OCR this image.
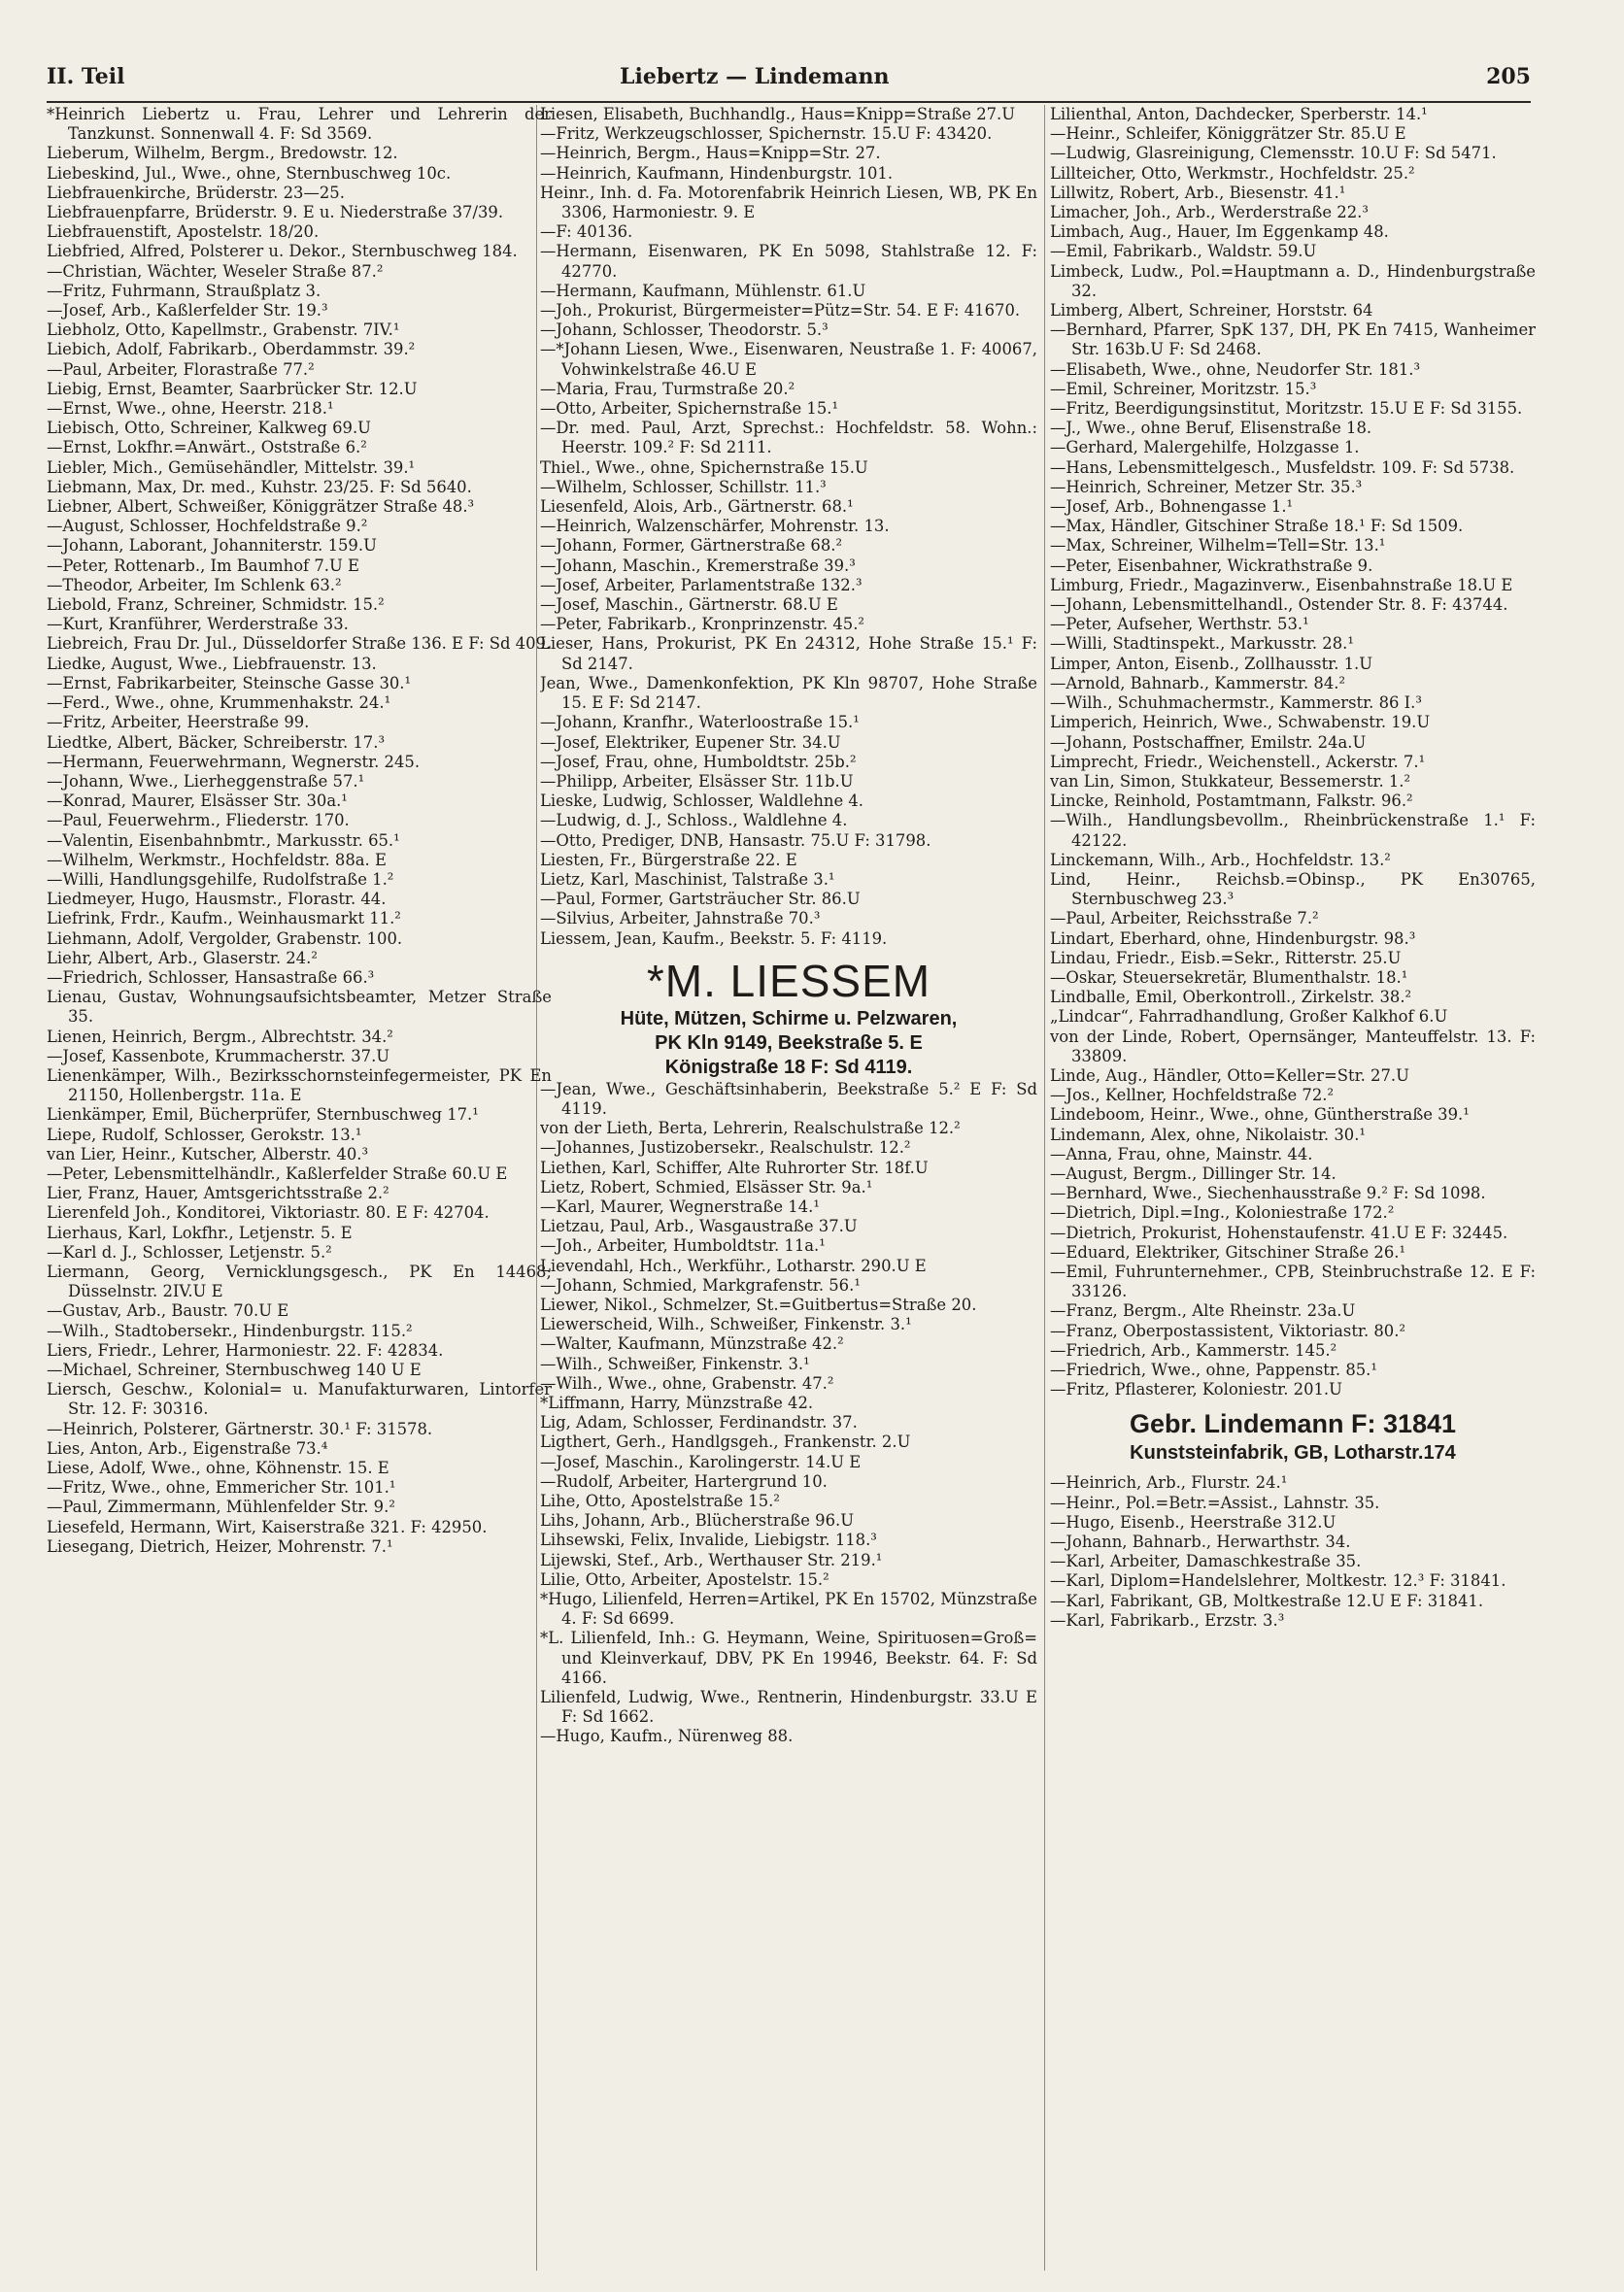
II. Teil	Liebertz — Lindemann	205

*Heinrich Liebertz u. Frau, Lehrer und Lehrerin der Tanzkunst. Sonnenwall 4. F: Sd 3569.

Lieberum, Wilhelm, Bergm., Bredowstr. 12.

Liebeskind, Jul., Wwe., ohne, Sternbuschweg 10c.

Liebfrauenkirche, Brüderstr. 23—25.

Liebfrauenpfarre, Brüderstr. 9. E u. Niederstraße 37/39.

Liebfrauenstift, Apostelstr. 18/20.

Liebfried, Alfred, Polsterer u. Dekor., Sternbuschweg 184.

—Christian, Wächter, Weseler Straße 87.²

—Fritz, Fuhrmann, Straußplatz 3.

—Josef, Arb., Kaßlerfelder Str. 19.³

Liebholz, Otto, Kapellmstr., Grabenstr. 7IV.¹

Liebich, Adolf, Fabrikarb., Oberdammstr. 39.²

—Paul, Arbeiter, Florastraße 77.²

Liebig, Ernst, Beamter, Saarbrücker Str. 12.U

—Ernst, Wwe., ohne, Heerstr. 218.¹

Liebisch, Otto, Schreiner, Kalkweg 69.U

—Ernst, Lokfhr.=Anwärt., Oststraße 6.²

Liebler, Mich., Gemüsehändler, Mittelstr. 39.¹

Liebmann, Max, Dr. med., Kuhstr. 23/25. F: Sd 5640.

Liebner, Albert, Schweißer, Königgrätzer Straße 48.³

—August, Schlosser, Hochfeldstraße 9.²

—Johann, Laborant, Johanniterstr. 159.U

—Peter, Rottenarb., Im Baumhof 7.U E

—Theodor, Arbeiter, Im Schlenk 63.²

Liebold, Franz, Schreiner, Schmidstr. 15.²

—Kurt, Kranführer, Werderstraße 33.

Liebreich, Frau Dr. Jul., Düsseldorfer Straße 136. E F: Sd 409.

Liedke, August, Wwe., Liebfrauenstr. 13.

—Ernst, Fabrikarbeiter, Steinsche Gasse 30.¹

—Ferd., Wwe., ohne, Krummenhakstr. 24.¹

—Fritz, Arbeiter, Heerstraße 99.

Liedtke, Albert, Bäcker, Schreiberstr. 17.³

—Hermann, Feuerwehrmann, Wegnerstr. 245.

—Johann, Wwe., Lierheggenstraße 57.¹

—Konrad, Maurer, Elsässer Str. 30a.¹

—Paul, Feuerwehrm., Fliederstr. 170.

—Valentin, Eisenbahnbmtr., Markusstr. 65.¹

—Wilhelm, Werkmstr., Hochfeldstr. 88a. E

—Willi, Handlungsgehilfe, Rudolfstraße 1.²

Liedmeyer, Hugo, Hausmstr., Florastr. 44.

Liefrink, Frdr., Kaufm., Weinhausmarkt 11.²

Liehmann, Adolf, Vergolder, Grabenstr. 100.

Liehr, Albert, Arb., Glaserstr. 24.²

—Friedrich, Schlosser, Hansastraße 66.³

Lienau, Gustav, Wohnungsaufsichtsbeamter, Metzer Straße 35.

Lienen, Heinrich, Bergm., Albrechtstr. 34.²

—Josef, Kassenbote, Krummacherstr. 37.U

Lienenkämper, Wilh., Bezirksschornsteinfegermeister, PK En 21150, Hollenbergstr. 11a. E

Lienkämper, Emil, Bücherprüfer, Sternbuschweg 17.¹

Liepe, Rudolf, Schlosser, Gerokstr. 13.¹

van Lier, Heinr., Kutscher, Alberstr. 40.³

—Peter, Lebensmittelhändlr., Kaßlerfelder Straße 60.U E

Lier, Franz, Hauer, Amtsgerichtsstraße 2.²

Lierenfeld Joh., Konditorei, Viktoriastr. 80. E F: 42704.

Lierhaus, Karl, Lokfhr., Letjenstr. 5. E

—Karl d. J., Schlosser, Letjenstr. 5.²

Liermann, Georg, Vernicklungsgesch., PK En 14468; Düsselnstr. 2IV.U E

—Gustav, Arb., Baustr. 70.U E

—Wilh., Stadtobersekr., Hindenburgstr. 115.²

Liers, Friedr., Lehrer, Harmoniestr. 22. F: 42834.

—Michael, Schreiner, Sternbuschweg 140 U E

Liersch, Geschw., Kolonial= u. Manufakturwaren, Lintorfer Str. 12. F: 30316.

—Heinrich, Polsterer, Gärtnerstr. 30.¹ F: 31578.

Lies, Anton, Arb., Eigenstraße 73.⁴

Liese, Adolf, Wwe., ohne, Köhnenstr. 15. E

—Fritz, Wwe., ohne, Emmericher Str. 101.¹

—Paul, Zimmermann, Mühlenfelder Str. 9.²

Liesefeld, Hermann, Wirt, Kaiserstraße 321. F: 42950.

Liesegang, Dietrich, Heizer, Mohrenstr. 7.¹

Liesen, Elisabeth, Buchhandlg., Haus=Knipp=Straße 27.U

—Fritz, Werkzeugschlosser, Spichernstr. 15.U F: 43420.

—Heinrich, Bergm., Haus=Knipp=Str. 27.

—Heinrich, Kaufmann, Hindenburgstr. 101.

Heinr., Inh. d. Fa. Motorenfabrik Heinrich Liesen, WB, PK En 3306, Harmoniestr. 9. E

—F: 40136.

—Hermann, Eisenwaren, PK En 5098, Stahlstraße 12. F: 42770.

—Hermann, Kaufmann, Mühlenstr. 61.U

—Joh., Prokurist, Bürgermeister=Pütz=Str. 54. E F: 41670.

—Johann, Schlosser, Theodorstr. 5.³

—*Johann Liesen, Wwe., Eisenwaren, Neustraße 1. F: 40067, Vohwinkelstraße 46.U E

—Maria, Frau, Turmstraße 20.²

—Otto, Arbeiter, Spichernstraße 15.¹

—Dr. med. Paul, Arzt, Sprechst.: Hochfeldstr. 58. Wohn.: Heerstr. 109.² F: Sd 2111.

Thiel., Wwe., ohne, Spichernstraße 15.U

—Wilhelm, Schlosser, Schillstr. 11.³

Liesenfeld, Alois, Arb., Gärtnerstr. 68.¹

—Heinrich, Walzenschärfer, Mohrenstr. 13.

—Johann, Former, Gärtnerstraße 68.²

—Johann, Maschin., Kremerstraße 39.³

—Josef, Arbeiter, Parlamentstraße 132.³

—Josef, Maschin., Gärtnerstr. 68.U E

—Peter, Fabrikarb., Kronprinzenstr. 45.²

Lieser, Hans, Prokurist, PK En 24312, Hohe Straße 15.¹ F: Sd 2147.

Jean, Wwe., Damenkonfektion, PK Kln 98707, Hohe Straße 15. E F: Sd 2147.

—Johann, Kranfhr., Waterloostraße 15.¹

—Josef, Elektriker, Eupener Str. 34.U

—Josef, Frau, ohne, Humboldtstr. 25b.²

—Philipp, Arbeiter, Elsässer Str. 11b.U

Lieske, Ludwig, Schlosser, Waldlehne 4.

—Ludwig, d. J., Schloss., Waldlehne 4.

—Otto, Prediger, DNB, Hansastr. 75.U F: 31798.

Liesten, Fr., Bürgerstraße 22. E

Lietz, Karl, Maschinist, Talstraße 3.¹

—Paul, Former, Gartsträucher Str. 86.U

—Silvius, Arbeiter, Jahnstraße 70.³

Liessem, Jean, Kaufm., Beekstr. 5. F: 4119.

*M. LIESSEM

Hüte, Mützen, Schirme u. Pelzwaren,

PK Kln 9149, Beekstraße 5. E

Königstraße 18 F: Sd 4119.

—Jean, Wwe., Geschäftsinhaberin, Beekstraße 5.² E F: Sd 4119.

von der Lieth, Berta, Lehrerin, Realschulstraße 12.²

—Johannes, Justizobersekr., Realschulstr. 12.²

Liethen, Karl, Schiffer, Alte Ruhrorter Str. 18f.U

Lietz, Robert, Schmied, Elsässer Str. 9a.¹

—Karl, Maurer, Wegnerstraße 14.¹

Lietzau, Paul, Arb., Wasgaustraße 37.U

—Joh., Arbeiter, Humboldtstr. 11a.¹

Lievendahl, Hch., Werkführ., Lotharstr. 290.U E

—Johann, Schmied, Markgrafenstr. 56.¹

Liewer, Nikol., Schmelzer, St.=Guitbertus=Straße 20.

Liewerscheid, Wilh., Schweißer, Finkenstr. 3.¹

—Walter, Kaufmann, Münzstraße 42.²

—Wilh., Schweißer, Finkenstr. 3.¹

—Wilh., Wwe., ohne, Grabenstr. 47.²

*Liffmann, Harry, Münzstraße 42.

Lig, Adam, Schlosser, Ferdinandstr. 37.

Ligthert, Gerh., Handlgsgeh., Frankenstr. 2.U

—Josef, Maschin., Karolingerstr. 14.U E

—Rudolf, Arbeiter, Hartergrund 10.

Lihe, Otto, Apostelstraße 15.²

Lihs, Johann, Arb., Blücherstraße 96.U

Lihsewski, Felix, Invalide, Liebigstr. 118.³

Lijewski, Stef., Arb., Werthauser Str. 219.¹

Lilie, Otto, Arbeiter, Apostelstr. 15.²

*Hugo, Lilienfeld, Herren=Artikel, PK En 15702, Münzstraße 4. F: Sd 6699.

*L. Lilienfeld, Inh.: G. Heymann, Weine, Spirituosen=Groß= und Kleinverkauf, DBV, PK En 19946, Beekstr. 64. F: Sd 4166.

Lilienfeld, Ludwig, Wwe., Rentnerin, Hindenburgstr. 33.U E F: Sd 1662.

—Hugo, Kaufm., Nürenweg 88.

Lilienthal, Anton, Dachdecker, Sperberstr. 14.¹

—Heinr., Schleifer, Königgrätzer Str. 85.U E

—Ludwig, Glasreinigung, Clemensstr. 10.U F: Sd 5471.

Lillteicher, Otto, Werkmstr., Hochfeldstr. 25.²

Lillwitz, Robert, Arb., Biesenstr. 41.¹

Limacher, Joh., Arb., Werderstraße 22.³

Limbach, Aug., Hauer, Im Eggenkamp 48.

—Emil, Fabrikarb., Waldstr. 59.U

Limbeck, Ludw., Pol.=Hauptmann a. D., Hindenburgstraße 32.

Limberg, Albert, Schreiner, Horststr. 64

—Bernhard, Pfarrer, SpK 137, DH, PK En 7415, Wanheimer Str. 163b.U F: Sd 2468.

—Elisabeth, Wwe., ohne, Neudorfer Str. 181.³

—Emil, Schreiner, Moritzstr. 15.³

—Fritz, Beerdigungsinstitut, Moritzstr. 15.U E F: Sd 3155.

—J., Wwe., ohne Beruf, Elisenstraße 18.

—Gerhard, Malergehilfe, Holzgasse 1.

—Hans, Lebensmittelgesch., Musfeldstr. 109. F: Sd 5738.

—Heinrich, Schreiner, Metzer Str. 35.³

—Josef, Arb., Bohnengasse 1.¹

—Max, Händler, Gitschiner Straße 18.¹ F: Sd 1509.

—Max, Schreiner, Wilhelm=Tell=Str. 13.¹

—Peter, Eisenbahner, Wickrathstraße 9.

Limburg, Friedr., Magazinverw., Eisenbahnstraße 18.U E

—Johann, Lebensmittelhandl., Ostender Str. 8. F: 43744.

—Peter, Aufseher, Werthstr. 53.¹

—Willi, Stadtinspekt., Markusstr. 28.¹

Limper, Anton, Eisenb., Zollhausstr. 1.U

—Arnold, Bahnarb., Kammerstr. 84.²

—Wilh., Schuhmachermstr., Kammerstr. 86 I.³

Limperich, Heinrich, Wwe., Schwabenstr. 19.U

—Johann, Postschaffner, Emilstr. 24a.U

Limprecht, Friedr., Weichenstell., Ackerstr. 7.¹

van Lin, Simon, Stukkateur, Bessemerstr. 1.²

Lincke, Reinhold, Postamtmann, Falkstr. 96.²

—Wilh., Handlungsbevollm., Rheinbrückenstraße 1.¹ F: 42122.

Linckemann, Wilh., Arb., Hochfeldstr. 13.²

Lind, Heinr., Reichsb.=Obinsp., PK En30765, Sternbuschweg 23.³

—Paul, Arbeiter, Reichsstraße 7.²

Lindart, Eberhard, ohne, Hindenburgstr. 98.³

Lindau, Friedr., Eisb.=Sekr., Ritterstr. 25.U

—Oskar, Steuersekretär, Blumenthalstr. 18.¹

Lindballe, Emil, Oberkontroll., Zirkelstr. 38.²

„Lindcar“, Fahrradhandlung, Großer Kalkhof 6.U

von der Linde, Robert, Opernsänger, Manteuffelstr. 13. F: 33809.

Linde, Aug., Händler, Otto=Keller=Str. 27.U

—Jos., Kellner, Hochfeldstraße 72.²

Lindeboom, Heinr., Wwe., ohne, Güntherstraße 39.¹

Lindemann, Alex, ohne, Nikolaistr. 30.¹

—Anna, Frau, ohne, Mainstr. 44.

—August, Bergm., Dillinger Str. 14.

—Bernhard, Wwe., Siechenhausstraße 9.² F: Sd 1098.

—Dietrich, Dipl.=Ing., Koloniestraße 172.²

—Dietrich, Prokurist, Hohenstaufenstr. 41.U E F: 32445.

—Eduard, Elektriker, Gitschiner Straße 26.¹

—Emil, Fuhrunternehmer., CPB, Steinbruchstraße 12. E F: 33126.

—Franz, Bergm., Alte Rheinstr. 23a.U

—Franz, Oberpostassistent, Viktoriastr. 80.²

—Friedrich, Arb., Kammerstr. 145.²

—Friedrich, Wwe., ohne, Pappenstr. 85.¹

—Fritz, Pflasterer, Koloniestr. 201.U

Gebr. Lindemann F: 31841

Kunststeinfabrik, GB, Lotharstr.174

—Heinrich, Arb., Flurstr. 24.¹

—Heinr., Pol.=Betr.=Assist., Lahnstr. 35.

—Hugo, Eisenb., Heerstraße 312.U

—Johann, Bahnarb., Herwarthstr. 34.

—Karl, Arbeiter, Damaschkestraße 35.

—Karl, Diplom=Handelslehrer, Moltkestr. 12.³ F: 31841.

—Karl, Fabrikant, GB, Moltkestraße 12.U E F: 31841.

—Karl, Fabrikarb., Erzstr. 3.³
